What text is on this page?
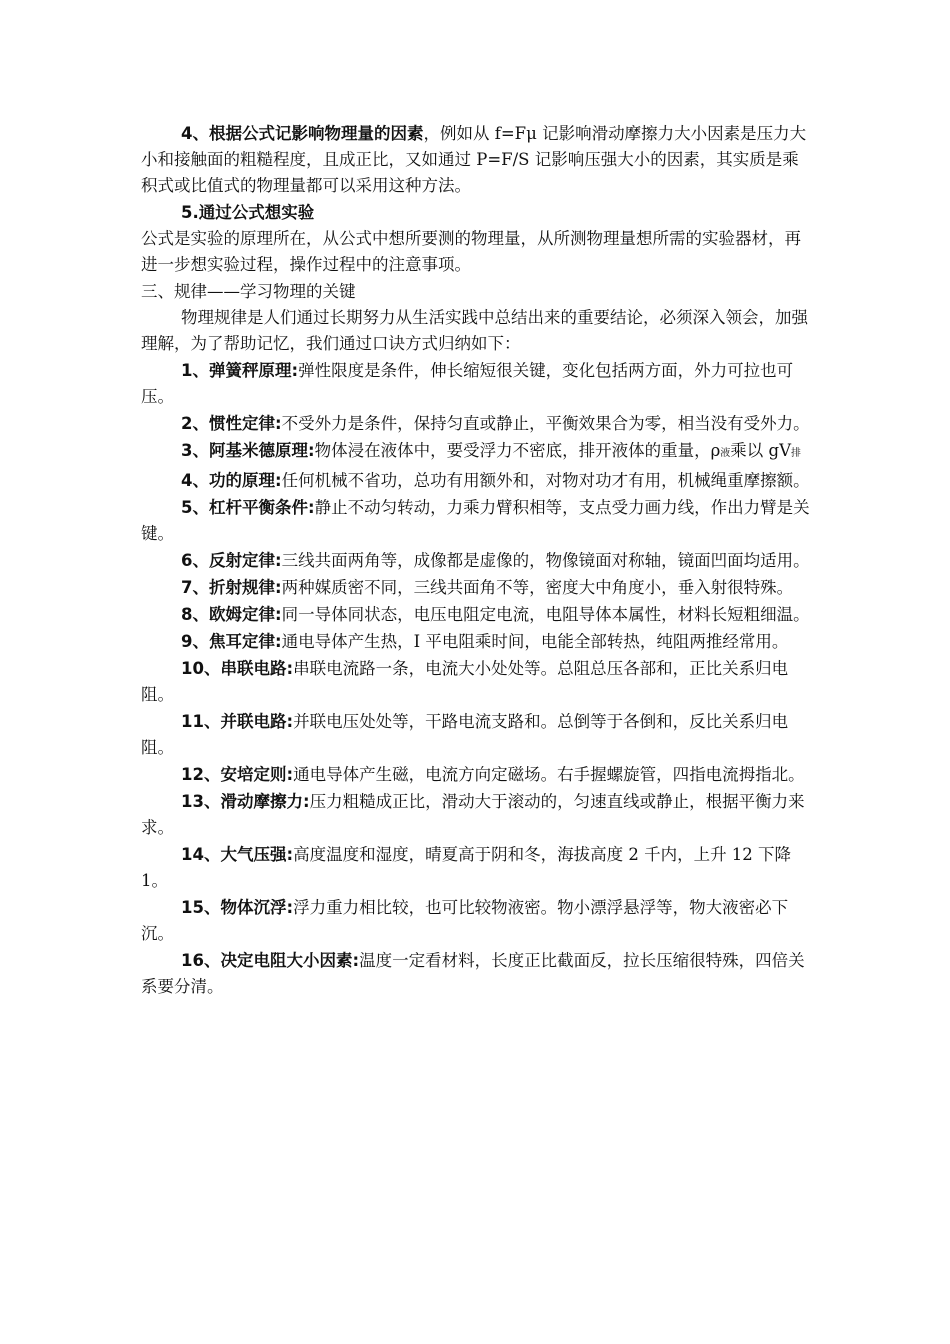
4、根据公式记影响物理量的因素，例如从 f=Fμ 记影响滑动摩擦力大小因素是压力大小和接触面的粗糙程度，且成正比，又如通过 P=F/S 记影响压强大小的因素，其实质是乘积式或比值式的物理量都可以采用这种方法。

5.通过公式想实验

公式是实验的原理所在，从公式中想所要测的物理量，从所测物理量想所需的实验器材，再进一步想实验过程，操作过程中的注意事项。

三、规律——学习物理的关键

物理规律是人们通过长期努力从生活实践中总结出来的重要结论，必须深入领会，加强理解，为了帮助记忆，我们通过口诀方式归纳如下：

1、弹簧秤原理:弹性限度是条件，伸长缩短很关键，变化包括两方面，外力可拉也可压。

2、惯性定律:不受外力是条件，保持匀直或静止，平衡效果合为零，相当没有受外力。

3、阿基米德原理:物体浸在液体中，要受浮力不密底，排开液体的重量，ρ液乘以 gV排

4、功的原理:任何机械不省功，总功有用额外和，对物对功才有用，机械绳重摩擦额。

5、杠杆平衡条件:静止不动匀转动，力乘力臂积相等，支点受力画力线，作出力臂是关键。

6、反射定律:三线共面两角等，成像都是虚像的，物像镜面对称轴，镜面凹面均适用。

7、折射规律:两种媒质密不同，三线共面角不等，密度大中角度小，垂入射很特殊。

8、欧姆定律:同一导体同状态，电压电阻定电流，电阻导体本属性，材料长短粗细温。

9、焦耳定律:通电导体产生热，I 平电阻乘时间，电能全部转热，纯阻两推经常用。

10、串联电路:串联电流路一条，电流大小处处等。总阻总压各部和，正比关系归电阻。

11、并联电路:并联电压处处等，干路电流支路和。总倒等于各倒和，反比关系归电阻。

12、安培定则:通电导体产生磁，电流方向定磁场。右手握螺旋管，四指电流拇指北。

13、滑动摩擦力:压力粗糙成正比，滑动大于滚动的，匀速直线或静止，根据平衡力来求。

14、大气压强:高度温度和湿度，晴夏高于阴和冬，海拔高度 2 千内，上升 12 下降 1。

15、物体沉浮:浮力重力相比较，也可比较物液密。物小漂浮悬浮等，物大液密必下沉。

16、决定电阻大小因素:温度一定看材料，长度正比截面反，拉长压缩很特殊，四倍关系要分清。
